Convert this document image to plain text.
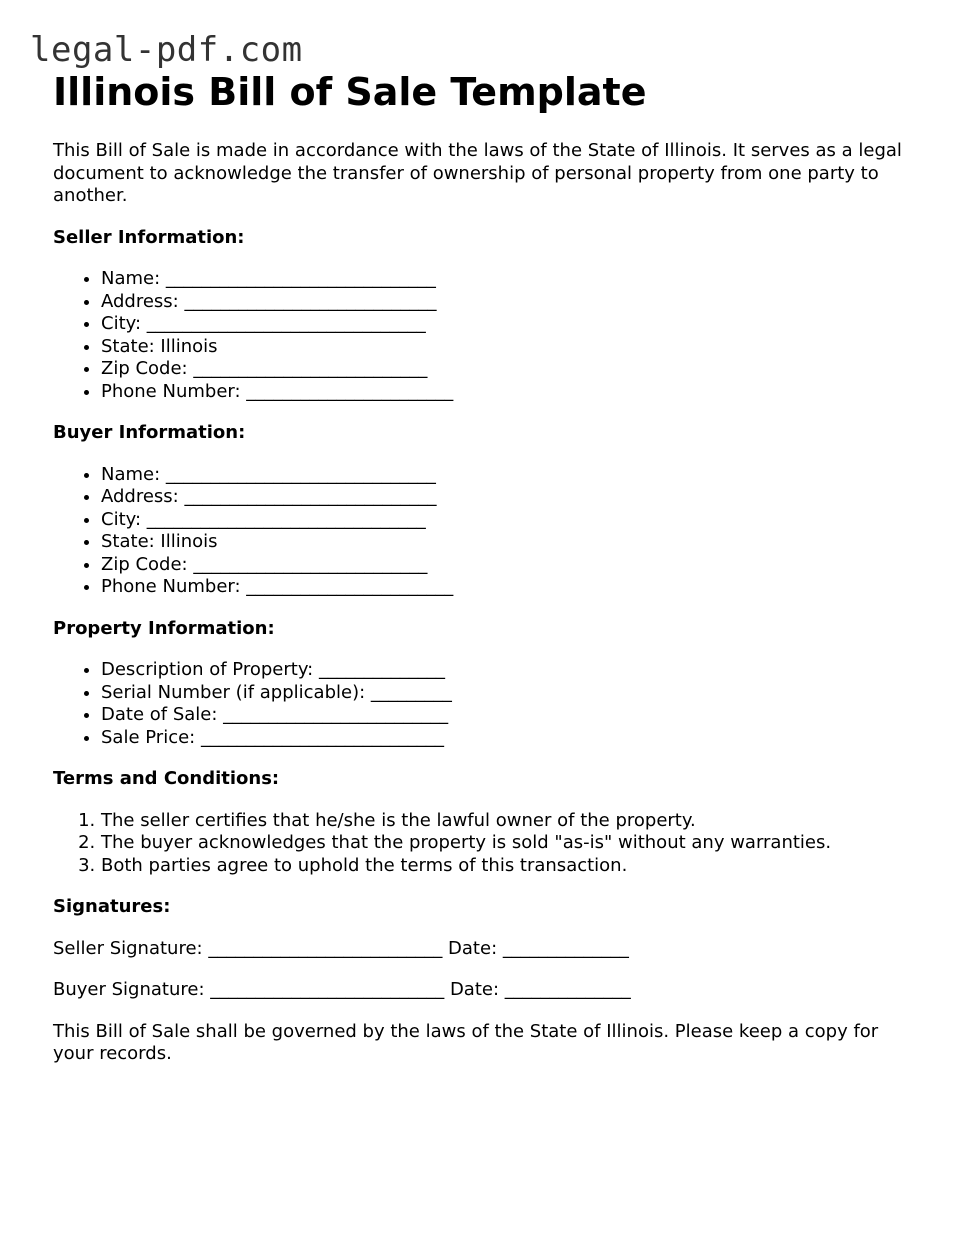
legal-pdf.com
Illinois Bill of Sale Template

This Bill of Sale is made in accordance with the laws of the State of Illinois. It serves as a legal document to acknowledge the transfer of ownership of personal property from one party to another.

Seller Information:

• Name: ______________________________
• Address: ____________________________
• City: _______________________________
• State: Illinois
• Zip Code: __________________________
• Phone Number: _______________________

Buyer Information:

• Name: ______________________________
• Address: ____________________________
• City: _______________________________
• State: Illinois
• Zip Code: __________________________
• Phone Number: _______________________

Property Information:

• Description of Property: ______________
• Serial Number (if applicable): _________
• Date of Sale: _________________________
• Sale Price: ___________________________

Terms and Conditions:

1. The seller certifies that he/she is the lawful owner of the property.
2. The buyer acknowledges that the property is sold "as-is" without any warranties.
3. Both parties agree to uphold the terms of this transaction.

Signatures:

Seller Signature: __________________________ Date: ______________

Buyer Signature: __________________________ Date: ______________

This Bill of Sale shall be governed by the laws of the State of Illinois. Please keep a copy for your records.
